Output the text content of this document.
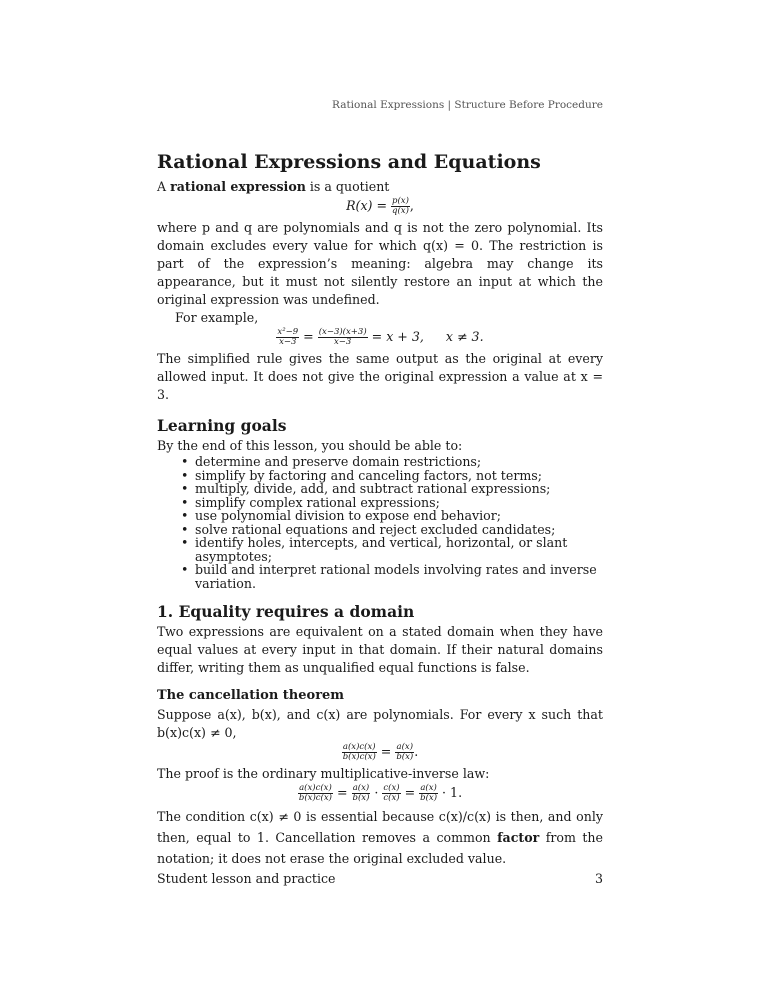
Rational Expressions | Structure Before Procedure
Rational Expressions and Equations

A rational expression is a quotient

$R(x) = \frac{p(x)}{q(x)}$ ,

where p and q are polynomials and q is not the zero polynomial. Its domain excludes every value for which q(x) = 0. The restriction is part of the expression’s meaning: algebra may change its appearance, but it must not silently restore an input at which the original expression was undefined.

For example,

$\frac{\text{x²−9}}{x-3} = \frac{(x-3)(x+3)}{x-3} = x + 3$, x ≠ 3.

The simplified rule gives the same output as the original at every allowed input. It does not give the original expression a value at x = 3.

Learning goals

By the end of this lesson, you should be able to:

• determine and preserve domain restrictions;
• simplify by factoring and canceling factors, not terms;
• multiply, divide, add, and subtract rational expressions;
• simplify complex rational expressions;
• use polynomial division to expose end behavior;
• solve rational equations and reject excluded candidates;
• identify holes, intercepts, and vertical, horizontal, or slant asymptotes;
• build and interpret rational models involving rates and inverse variation.
1. Equality requires a domain

Two expressions are equivalent on a stated domain when they have equal values at every input in that domain. If their natural domains differ, writing them as unqualified equal functions is false.

The cancellation theorem

Suppose a(x), b(x), and c(x) are polynomials. For every x such that b(x)c(x) ≠ 0,

$\frac{a(x)c(x)}{b(x)c(x)} = \frac{a(x)}{b(x)}$ .

The proof is the ordinary multiplicative-inverse law:

$\frac{a(x)c(x)}{b(x)c(x)} = \frac{a(x)}{b(x)} \cdot \frac{c(x)}{c(x)} = \frac{a(x)}{b(x)} \cdot 1$.

The condition c(x) ≠ 0 is essential because c(x)/c(x) is then, and only then, equal to 1. Cancellation removes a common factor from the notation; it does not erase the original excluded value.

Student lesson and practice	3
